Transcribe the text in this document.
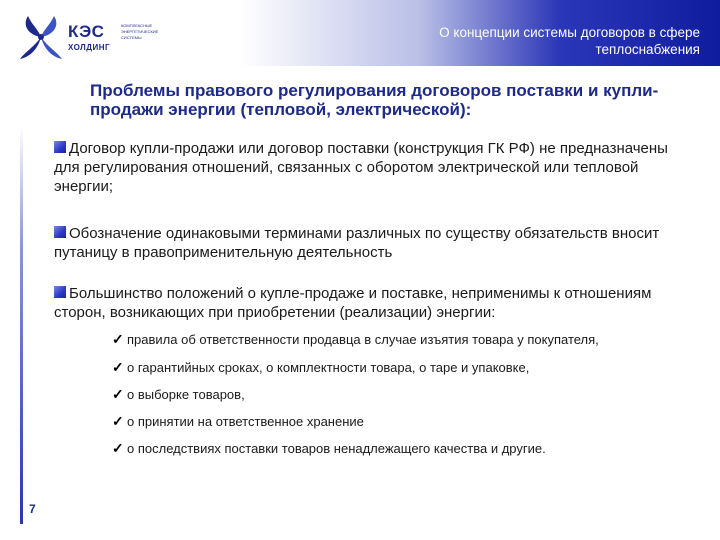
КЭС
ХОЛДИНГ
КОМПЛЕКСНЫЕ ЭНЕРГЕТИЧЕСКИЕ СИСТЕМЫ	О концепции системы договоров в сфере теплоснабжения
Проблемы правового регулирования договоров поставки и купли-продажи энергии (тепловой, электрической):
Договор купли-продажи или договор поставки (конструкция ГК РФ) не предназначены для регулирования отношений, связанных с оборотом электрической или тепловой энергии;
Обозначение одинаковыми терминами различных по существу обязательств вносит путаницу в правоприменительную деятельность
Большинство положений о купле-продаже и поставке, неприменимы к отношениям сторон, возникающих при приобретении (реализации) энергии:
✓ правила об ответственности продавца в случае изъятия товара у покупателя,
✓ о гарантийных сроках, о комплектности товара, о таре и упаковке,
✓ о выборке товаров,
✓ о принятии на ответственное хранение
✓ о последствиях поставки товаров ненадлежащего качества и другие.
7
